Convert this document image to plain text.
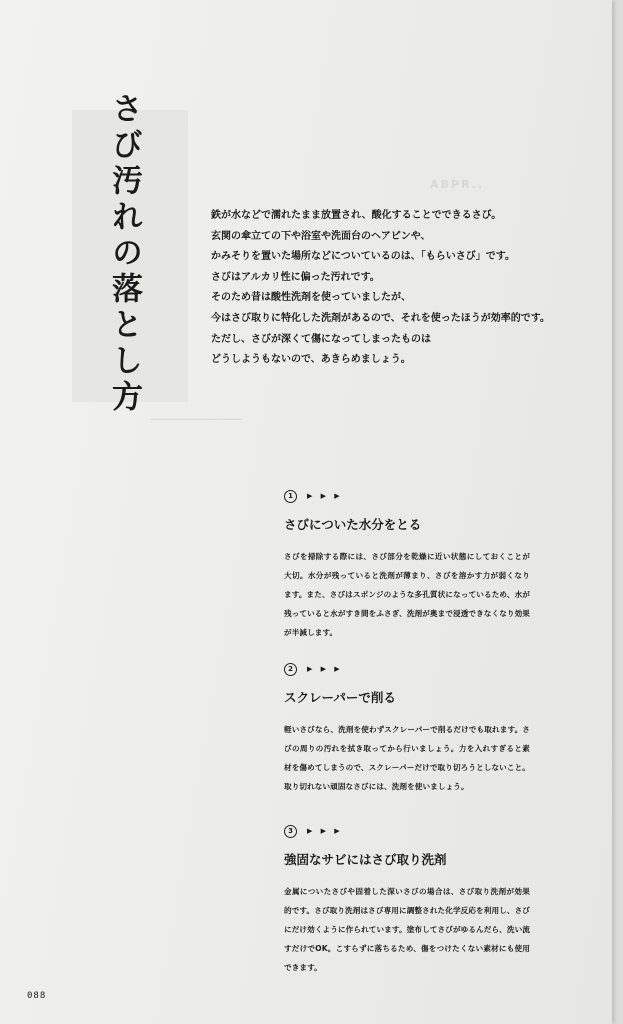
ABPR..
━━━━━━━━━━━━━━━━━━━
さび汚れの落とし方	鉄が水などで濡れたまま放置され、酸化することでできるさび。

玄関の傘立ての下や浴室や洗面台のヘアピンや、

かみそりを置いた場所などについているのは、「もらいさび」です。

さびはアルカリ性に偏った汚れです。

そのため昔は酸性洗剤を使っていましたが、

今はさび取りに特化した洗剤があるので、それを使ったほうが効率的です。

ただし、さびが深くて傷になってしまったものは

どうしようもないので、あきらめましょう。

1	▶ ▶ ▶
さびについた水分をとる
さびを掃除する際には、さび部分を乾燥に近い状態にしておくことが大切。水分が残っていると洗剤が薄まり、さびを溶かす力が弱くなります。また、さびはスポンジのような多孔質状になっているため、水が残っていると水がすき間をふさぎ、洗剤が奥まで浸透できなくなり効果が半減します。
2	▶ ▶ ▶
スクレーパーで削る
軽いさびなら、洗剤を使わずスクレーパーで削るだけでも取れます。さびの周りの汚れを拭き取ってから行いましょう。力を入れすぎると素材を傷めてしまうので、スクレーパーだけで取り切ろうとしないこと。取り切れない頑固なさびには、洗剤を使いましょう。
3	▶ ▶ ▶
強固なサビにはさび取り洗剤
金属についたさびや固着した深いさびの場合は、さび取り洗剤が効果的です。さび取り洗剤はさび専用に調整された化学反応を利用し、さびにだけ効くように作られています。塗布してさびがゆるんだら、洗い流すだけでOK。こすらずに落ちるため、傷をつけたくない素材にも使用できます。
088
